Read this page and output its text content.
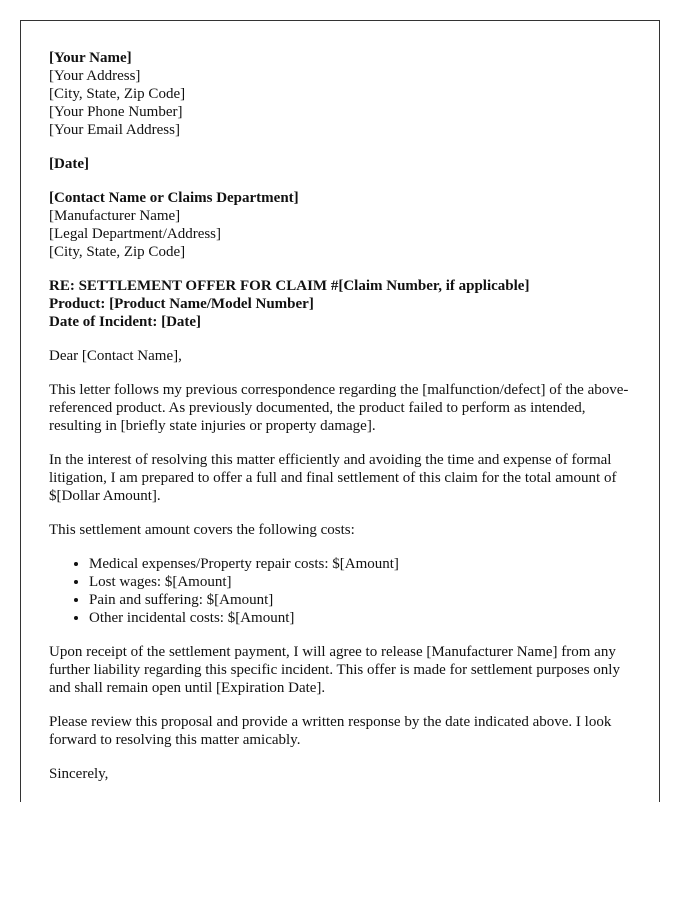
[Your Name]
[Your Address]
[City, State, Zip Code]
[Your Phone Number]
[Your Email Address]

[Date]

[Contact Name or Claims Department]
[Manufacturer Name]
[Legal Department/Address]
[City, State, Zip Code]

RE: SETTLEMENT OFFER FOR CLAIM #[Claim Number, if applicable]
Product: [Product Name/Model Number]
Date of Incident: [Date]

Dear [Contact Name],

This letter follows my previous correspondence regarding the [malfunction/defect] of the above-referenced product. As previously documented, the product failed to perform as intended, resulting in [briefly state injuries or property damage].

In the interest of resolving this matter efficiently and avoiding the time and expense of formal litigation, I am prepared to offer a full and final settlement of this claim for the total amount of $[Dollar Amount].

This settlement amount covers the following costs:

• Medical expenses/Property repair costs: $[Amount]
• Lost wages: $[Amount]
• Pain and suffering: $[Amount]
• Other incidental costs: $[Amount]

Upon receipt of the settlement payment, I will agree to release [Manufacturer Name] from any further liability regarding this specific incident. This offer is made for settlement purposes only and shall remain open until [Expiration Date].

Please review this proposal and provide a written response by the date indicated above. I look forward to resolving this matter amicably.

Sincerely,
